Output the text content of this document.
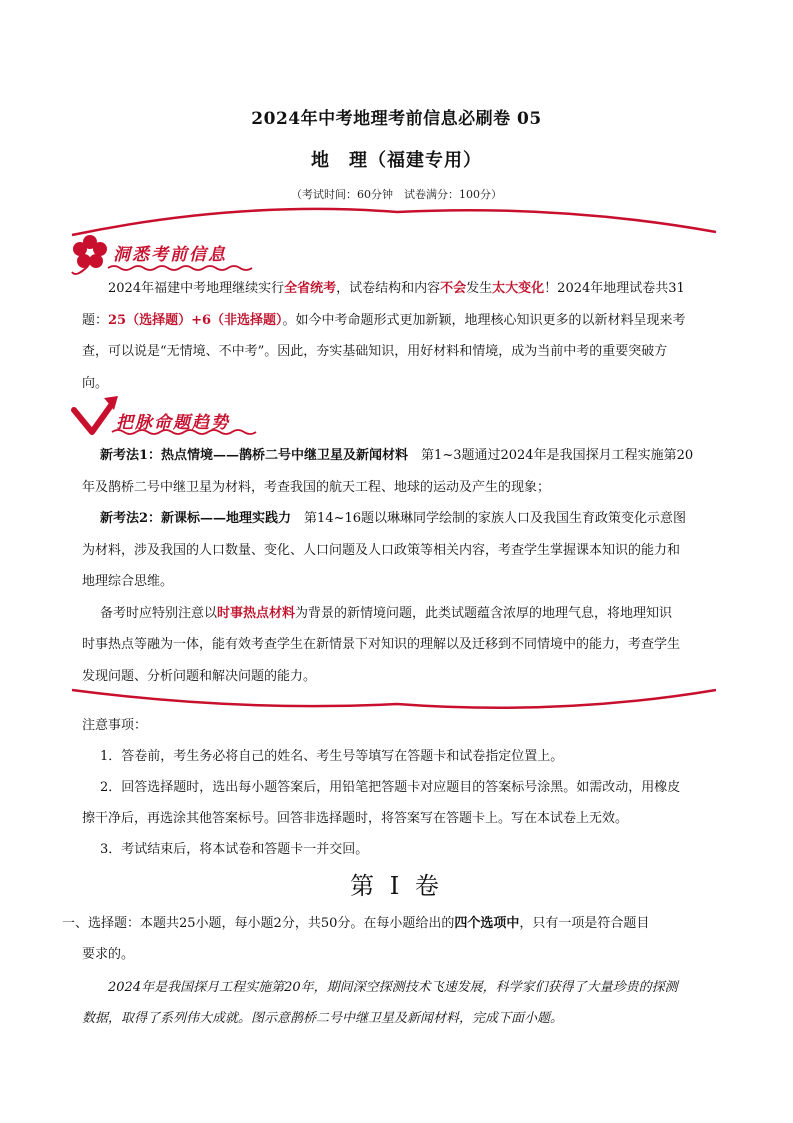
2024年中考地理考前信息必刷卷 05
地　理（福建专用）
（考试时间：60分钟　试卷满分：100分）
洞悉考前信息
把脉命题趋势
2024年福建中考地理继续实行全省统考，试卷结构和内容不会发生太大变化！2024年地理试卷共31
题：25（选择题）+6（非选择题）。如今中考命题形式更加新颖，地理核心知识更多的以新材料呈现来考
查，可以说是“无情境、不中考”。因此，夯实基础知识，用好材料和情境，成为当前中考的重要突破方
向。
新考法1：热点情境——鹊桥二号中继卫星及新闻材料　第1~3题通过2024年是我国探月工程实施第20
年及鹊桥二号中继卫星为材料，考查我国的航天工程、地球的运动及产生的现象；
新考法2：新课标——地理实践力　第14~16题以琳琳同学绘制的家族人口及我国生育政策变化示意图
为材料，涉及我国的人口数量、变化、人口问题及人口政策等相关内容，考查学生掌握课本知识的能力和
地理综合思维。
备考时应特别注意以时事热点材料为背景的新情境问题，此类试题蕴含浓厚的地理气息，将地理知识
时事热点等融为一体，能有效考查学生在新情景下对知识的理解以及迁移到不同情境中的能力，考查学生
发现问题、分析问题和解决问题的能力。
注意事项：
1．答卷前，考生务必将自己的姓名、考生号等填写在答题卡和试卷指定位置上。
2．回答选择题时，选出每小题答案后，用铅笔把答题卡对应题目的答案标号涂黑。如需改动，用橡皮
擦干净后，再选涂其他答案标号。回答非选择题时，将答案写在答题卡上。写在本试卷上无效。
3．考试结束后，将本试卷和答题卡一并交回。
第 I 卷
一、选择题：本题共25小题，每小题2分，共50分。在每小题给出的四个选项中，只有一项是符合题目
要求的。
2024年是我国探月工程实施第20年，期间深空探测技术飞速发展，科学家们获得了大量珍贵的探测
数据，取得了系列伟大成就。图示意鹊桥二号中继卫星及新闻材料，完成下面小题。
